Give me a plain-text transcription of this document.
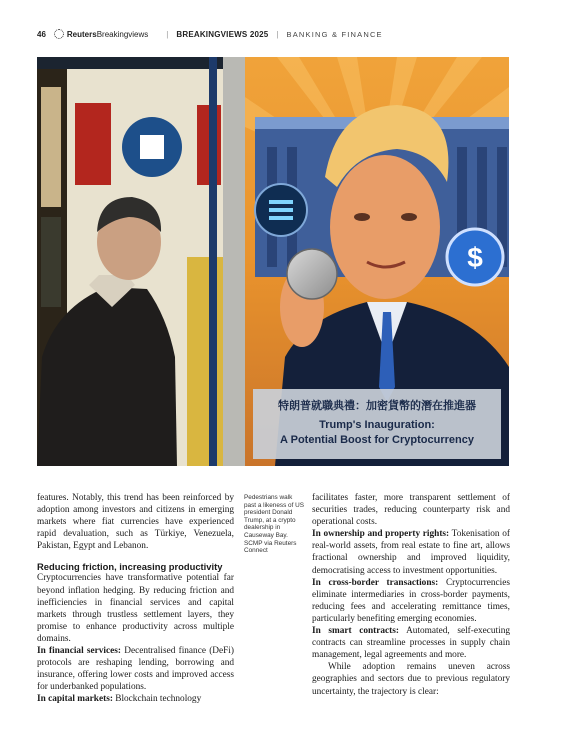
46	Reuters Breakingviews | BREAKINGVIEWS 2025 | BANKING & FINANCE
$
特朗普就職典禮：加密貨幣的潛在推進器
Trump's Inauguration:
A Potential Boost for Cryptocurrency

features. Notably, this trend has been reinforced by adoption among investors and citizens in emerging markets where fiat currencies have experienced rapid devaluation, such as Türkiye, Venezuela, Pakistan, Egypt and Lebanon.

Reducing friction, increasing productivity

Cryptocurrencies have transformative potential far beyond inflation hedging. By reducing friction and inefficiencies in financial services and capital markets through trustless settlement layers, they promise to enhance productivity across multiple domains.

In financial services: Decentralised finance (DeFi) protocols are reshaping lending, borrowing and insurance, offering lower costs and improved access for underbanked populations.

In capital markets: Blockchain technology

Pedestrians walk past a likeness of US president Donald Trump, at a crypto dealership in Causeway Bay. SCMP via Reuters Connect

facilitates faster, more transparent settlement of securities trades, reducing counterparty risk and operational costs.

In ownership and property rights: Tokenisation of real-world assets, from real estate to fine art, allows fractional ownership and improved liquidity, democratising access to investment opportunities.

In cross-border transactions: Cryptocurrencies eliminate intermediaries in cross-border payments, reducing fees and accelerating remittance times, particularly benefiting emerging economies.

In smart contracts: Automated, self-executing contracts can streamline processes in supply chain management, legal agreements and more.

While adoption remains uneven across geographies and sectors due to previous regulatory uncertainty, the trajectory is clear:
